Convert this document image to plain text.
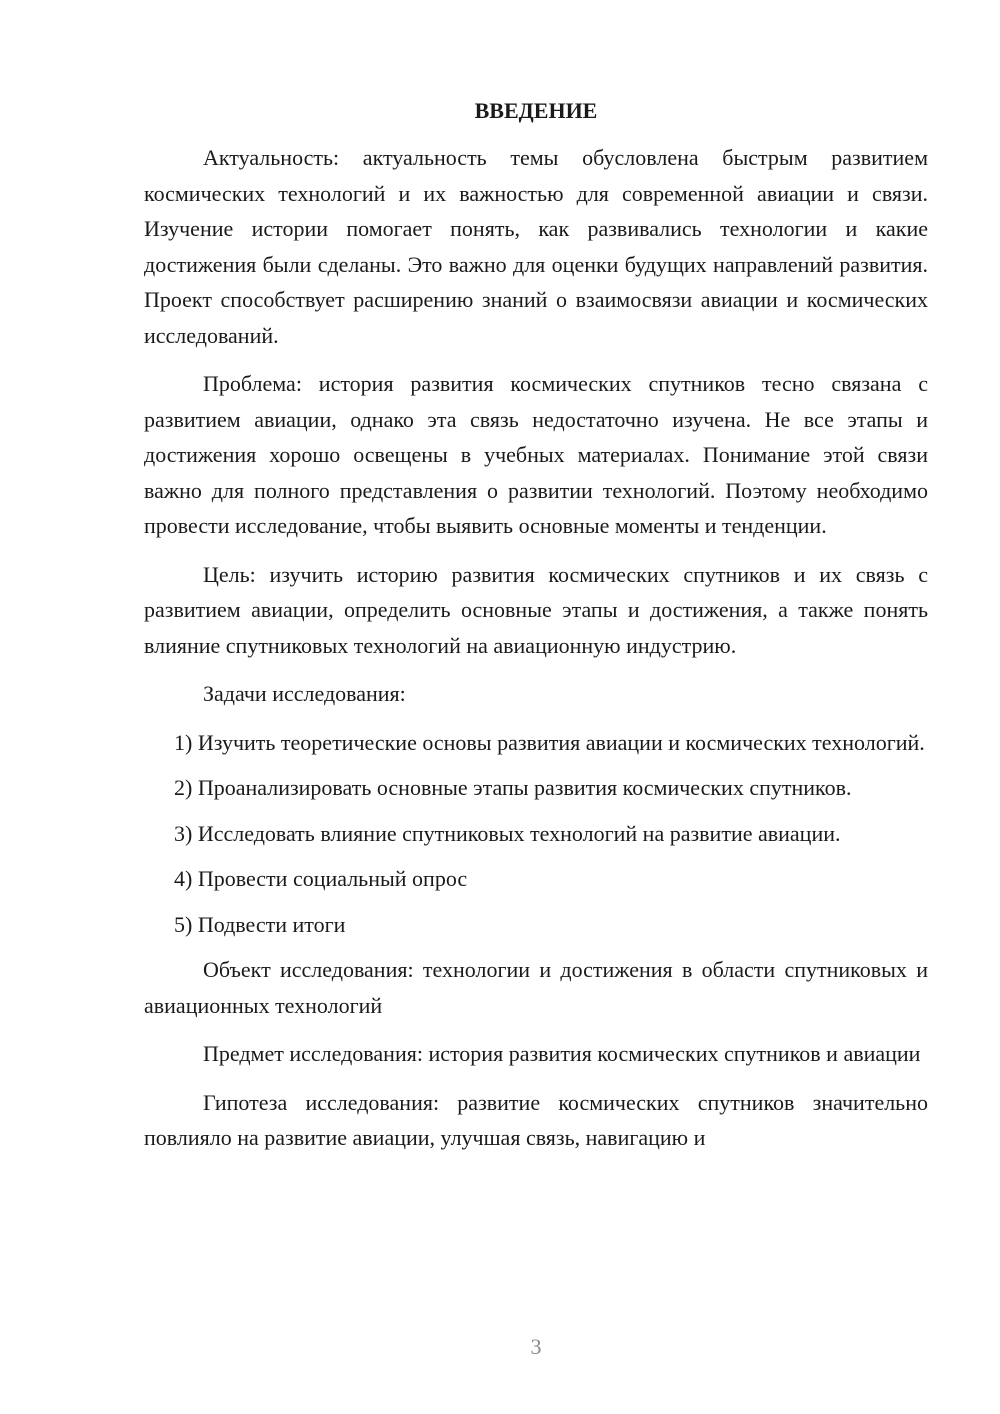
ВВЕДЕНИЕ

Актуальность: актуальность темы обусловлена быстрым развитием космических технологий и их важностью для современной авиации и связи. Изучение истории помогает понять, как развивались технологии и какие достижения были сделаны. Это важно для оценки будущих направлений развития. Проект способствует расширению знаний о взаимосвязи авиации и космических исследований.

Проблема: история развития космических спутников тесно связана с развитием авиации, однако эта связь недостаточно изучена. Не все этапы и достижения хорошо освещены в учебных материалах. Понимание этой связи важно для полного представления о развитии технологий. Поэтому необходимо провести исследование, чтобы выявить основные моменты и тенденции.

Цель: изучить историю развития космических спутников и их связь с развитием авиации, определить основные этапы и достижения, а также понять влияние спутниковых технологий на авиационную индустрию.

Задачи исследования:

1) Изучить теоретические основы развития авиации и космических технологий.

2) Проанализировать основные этапы развития космических спутников.

3) Исследовать влияние спутниковых технологий на развитие авиации.

4) Провести социальный опрос

5) Подвести итоги

Объект исследования: технологии и достижения в области спутниковых и авиационных технологий

Предмет исследования: история развития космических спутников и авиации

Гипотеза исследования: развитие космических спутников значительно повлияло на развитие авиации, улучшая связь, навигацию и

3
